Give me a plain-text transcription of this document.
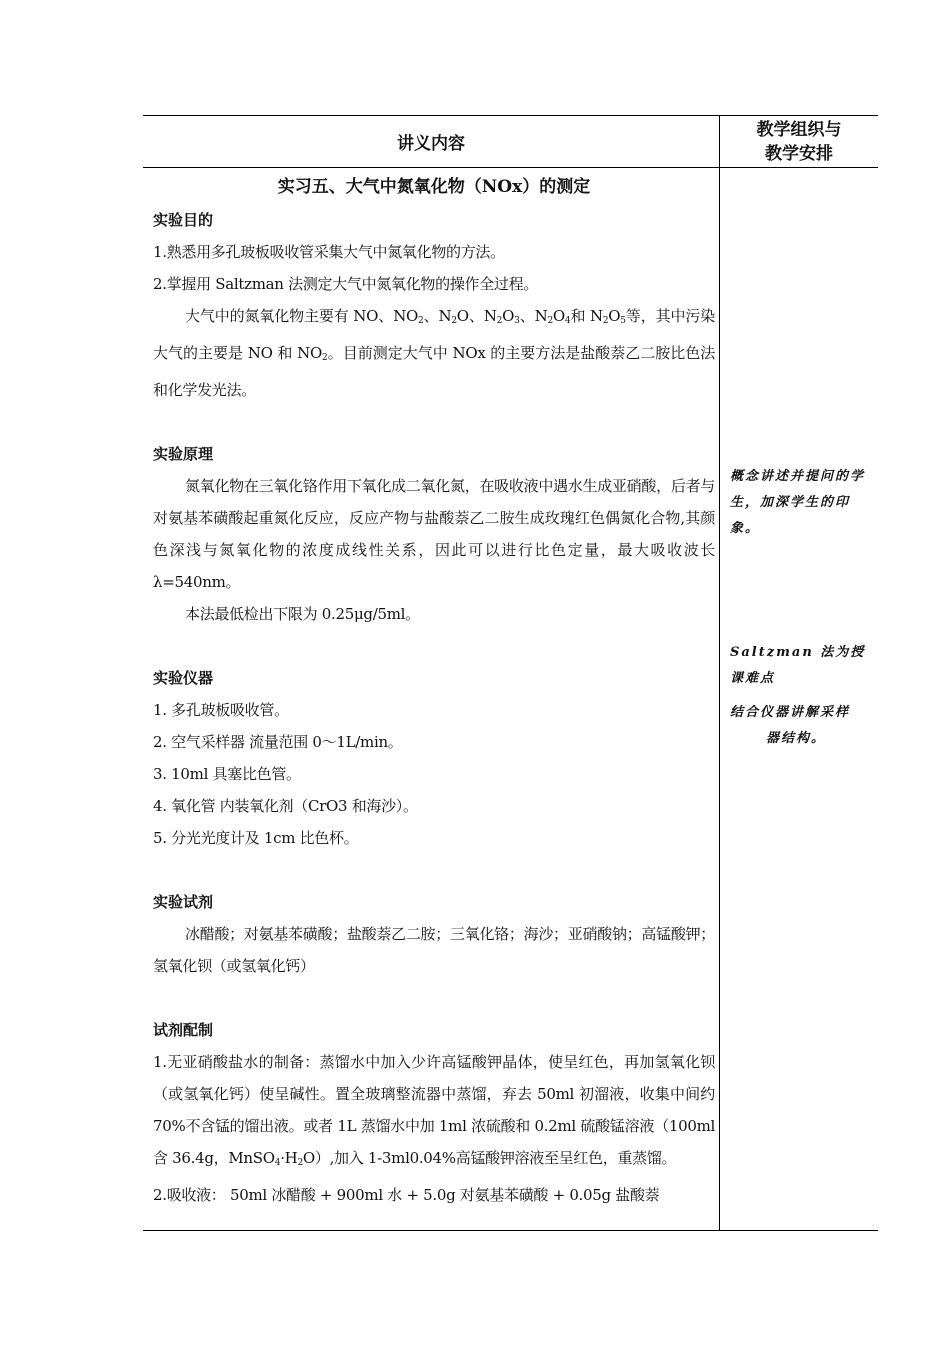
讲义内容
教学组织与
教学安排

实习五、大气中氮氧化物（NOx）的测定

实验目的

1.熟悉用多孔玻板吸收管采集大气中氮氧化物的方法。

2.掌握用 Saltzman 法测定大气中氮氧化物的操作全过程。

大气中的氮氧化物主要有 NO、$NO_2$、$N_2O$、$N_2O_3$、$N_2O_4$和 $N_2O_5$等，其中污染大气的主要是 NO 和 $NO_2$。目前测定大气中 NOx 的主要方法是盐酸萘乙二胺比色法和化学发光法。

实验原理

氮氧化物在三氧化铬作用下氧化成二氧化氮，在吸收液中遇水生成亚硝酸，后者与对氨基苯磺酸起重氮化反应，反应产物与盐酸萘乙二胺生成玫瑰红色偶氮化合物,其颜色深浅与氮氧化物的浓度成线性关系，因此可以进行比色定量，最大吸收波长λ=540nm。

本法最低检出下限为 0.25μg/5ml。

实验仪器

1. 多孔玻板吸收管。

2. 空气采样器 流量范围 0～1L/min。

3. 10ml 具塞比色管。

4. 氧化管 内装氧化剂（CrO3 和海沙）。

5. 分光光度计及 1cm 比色杯。

实验试剂

冰醋酸；对氨基苯磺酸；盐酸萘乙二胺；三氧化铬；海沙；亚硝酸钠；高锰酸钾；氢氧化钡（或氢氧化钙）

试剂配制

1.无亚硝酸盐水的制备：蒸馏水中加入少许高锰酸钾晶体，使呈红色，再加氢氧化钡（或氢氧化钙）使呈碱性。置全玻璃整流器中蒸馏，弃去 50ml 初溜液，收集中间约 70%不含锰的馏出液。或者 1L 蒸馏水中加 1ml 浓硫酸和 0.2ml 硫酸锰溶液（100ml 含 36.4g，$MnSO_4\cdot H_2O$）,加入 1-3ml0.04%高锰酸钾溶液至呈红色，重蒸馏。

2.吸收液： 50ml 冰醋酸 + 900ml 水 + 5.0g 对氨基苯磺酸 + 0.05g 盐酸萘

概念讲述并提问的学生，加深学生的印象。
Saltzman 法为授课难点
结合仪器讲解采样
器结构。
